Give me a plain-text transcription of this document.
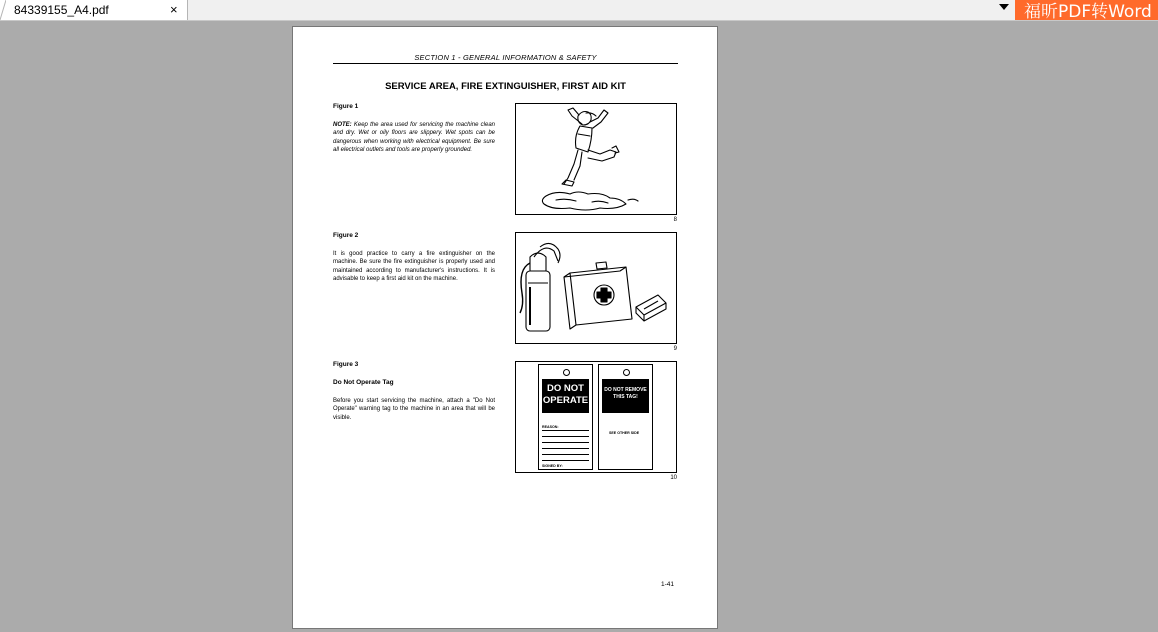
84339155_A4.pdf	×	福昕PDF转Word
SECTION 1 - GENERAL INFORMATION & SAFETY
SERVICE AREA, FIRE EXTINGUISHER, FIRST AID KIT
Figure 1
NOTE: Keep the area used for servicing the machine clean and dry. Wet or oily floors are slippery. Wet spots can be dangerous when working with electrical equipment. Be sure all electrical outlets and tools are properly grounded.
8
Figure 2
It is good practice to carry a fire extinguisher on the machine. Be sure the fire extinguisher is properly used and maintained according to manufacturer's instructions. It is advisable to keep a first aid kit on the machine.
9
Figure 3
Do Not Operate Tag
Before you start servicing the machine, attach a "Do Not Operate" warning tag to the machine in an area that will be visible.
DO NOT
OPERATE
REASON:
SIGNED BY:
DO NOT REMOVE
THIS TAG!
SEE OTHER SIDE
10
1-41
